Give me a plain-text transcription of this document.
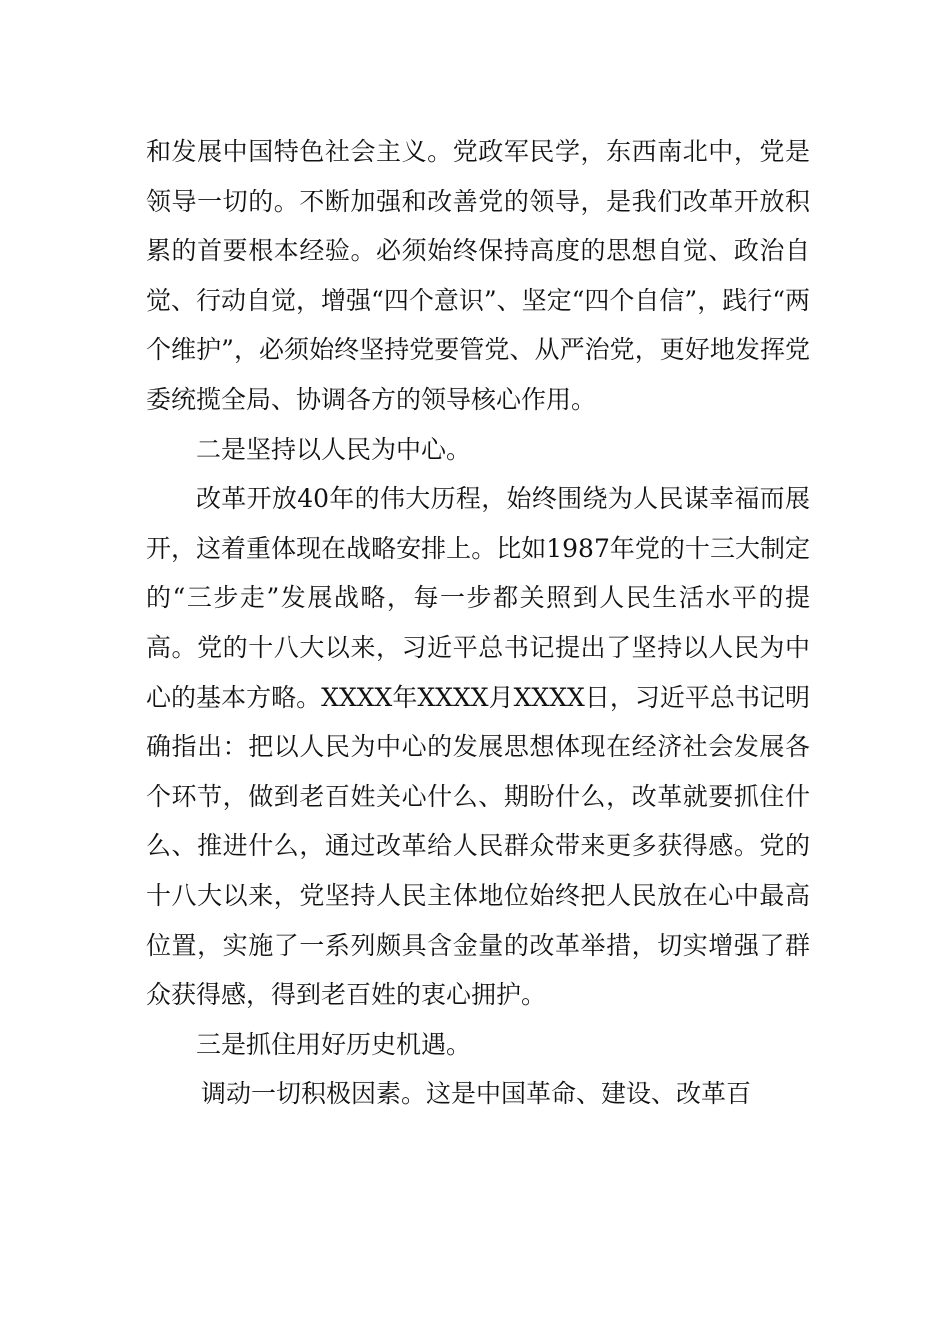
和发展中国特色社会主义。党政军民学，东西南北中，党是领导一切的。不断加强和改善党的领导，是我们改革开放积累的首要根本经验。必须始终保持高度的思想自觉、政治自觉、行动自觉，增强“四个意识”、坚定“四个自信”，践行“两个维护”，必须始终坚持党要管党、从严治党，更好地发挥党委统揽全局、协调各方的领导核心作用。

二是坚持以人民为中心。

改革开放40年的伟大历程，始终围绕为人民谋幸福而展开，这着重体现在战略安排上。比如1987年党的十三大制定的“三步走”发展战略，每一步都关照到人民生活水平的提高。党的十八大以来，习近平总书记提出了坚持以人民为中心的基本方略。XXXX年XXXX月XXXX日，习近平总书记明确指出：把以人民为中心的发展思想体现在经济社会发展各个环节，做到老百姓关心什么、期盼什么，改革就要抓住什么、推进什么，通过改革给人民群众带来更多获得感。党的十八大以来，党坚持人民主体地位始终把人民放在心中最高位置，实施了一系列颇具含金量的改革举措，切实增强了群众获得感，得到老百姓的衷心拥护。

三是抓住用好历史机遇。

调动一切积极因素。这是中国革命、建设、改革百
